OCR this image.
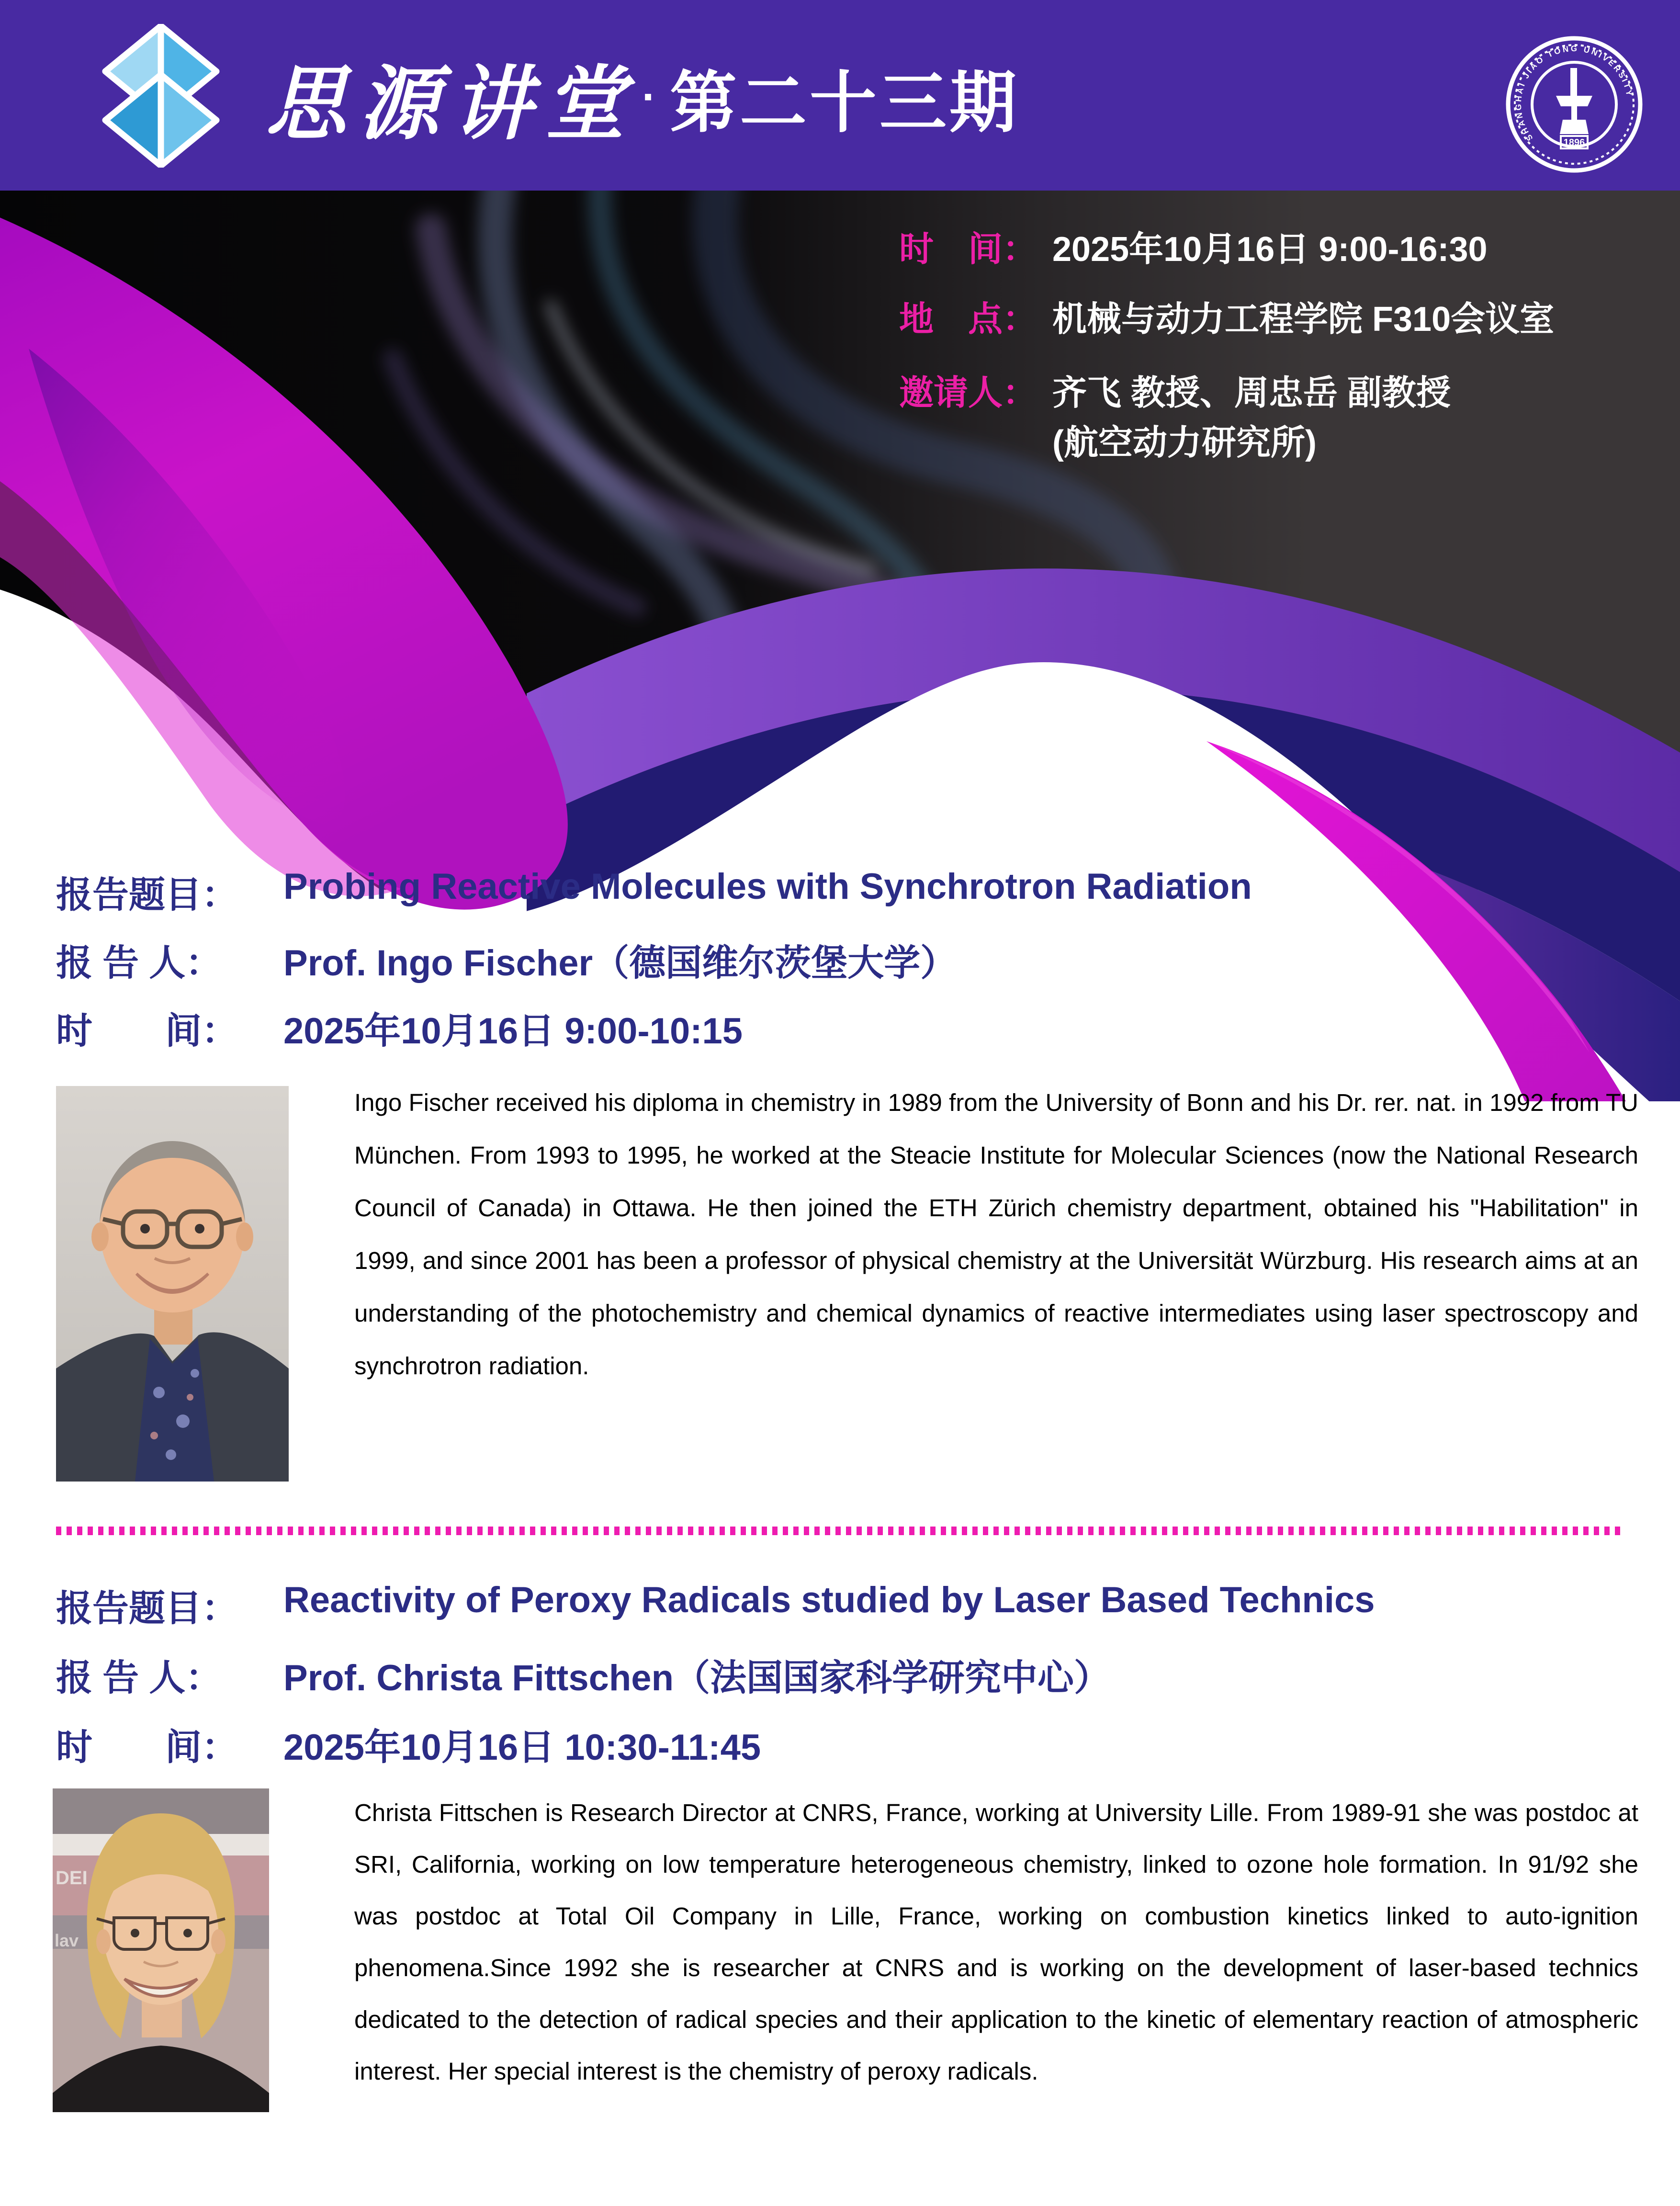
思源讲堂 · 第二十三期	SHANGHAI JIAO TONG UNIVERSITY
1896
时　间： 2025年10月16日 9:00-16:30
地　点： 机械与动力工程学院 F310会议室
邀请人： 齐飞 教授、周忠岳 副教授
(航空动力研究所)
报告题目：	Probing Reactive Molecules with Synchrotron Radiation
报 告 人：	Prof. Ingo Fischer（德国维尔茨堡大学）
时　　间：	2025年10月16日 9:00-10:15
Ingo Fischer received his diploma in chemistry in 1989 from the University of Bonn and his Dr. rer. nat. in 1992 from TU München. From 1993 to 1995, he worked at the Steacie Institute for Molecular Sciences (now the National Research Council of Canada) in Ottawa. He then joined the ETH Zürich chemistry department, obtained his "Habilitation" in 1999, and since 2001 has been a professor of physical chemistry at the Universität Würzburg. His research aims at an understanding of the photochemistry and chemical dynamics of reactive intermediates using laser spectroscopy and synchrotron radiation.
报告题目：	Reactivity of Peroxy Radicals studied by Laser Based Technics
报 告 人：	Prof. Christa Fittschen（法国国家科学研究中心）
时　　间：	2025年10月16日 10:30-11:45
DEI
lav
Christa Fittschen is Research Director at CNRS, France, working at University Lille. From 1989-91 she was postdoc at SRI, California, working on low temperature heterogeneous chemistry, linked to ozone hole formation. In 91/92 she was postdoc at Total Oil Company in Lille, France, working on combustion kinetics linked to auto-ignition phenomena.Since 1992 she is researcher at CNRS and is working on the development of laser-based technics dedicated to the detection of radical species and their application to the kinetic of elementary reaction of atmospheric interest. Her special interest is the chemistry of peroxy radicals.
